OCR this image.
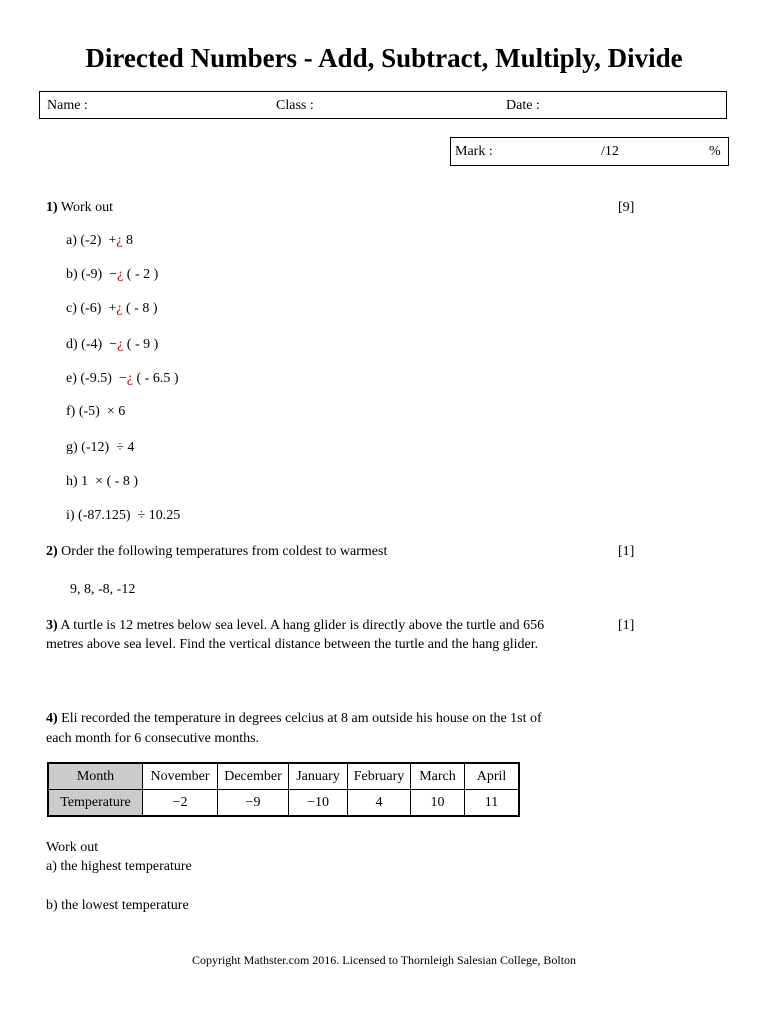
Directed Numbers - Add, Subtract, Multiply, Divide
Name :	Class :	Date :
Mark :	/12	%
1) Work out	[9]
a) (-2) +¿ 8
b) (-9) −¿ ( - 2 )
c) (-6) +¿ ( - 8 )
d) (-4) −¿ ( - 9 )
e) (-9.5) −¿ ( - 6.5 )
f) (-5) × 6
g) (-12) ÷ 4
h) 1 × ( - 8 )
i) (-87.125) ÷ 10.25
2) Order the following temperatures from coldest to warmest	[1]
9, 8, -8, -12
3) A turtle is 12 metres below sea level. A hang glider is directly above the turtle and 656
metres above sea level. Find the vertical distance between the turtle and the hang glider.
[1]
4) Eli recorded the temperature in degrees celcius at 8 am outside his house on the 1st of
each month for 6 consecutive months.
Month	November	December	January	February	March	April
Temperature	−2	−9	−10	4	10	11
Work out
a) the highest temperature
b) the lowest temperature
Copyright Mathster.com 2016. Licensed to Thornleigh Salesian College, Bolton
